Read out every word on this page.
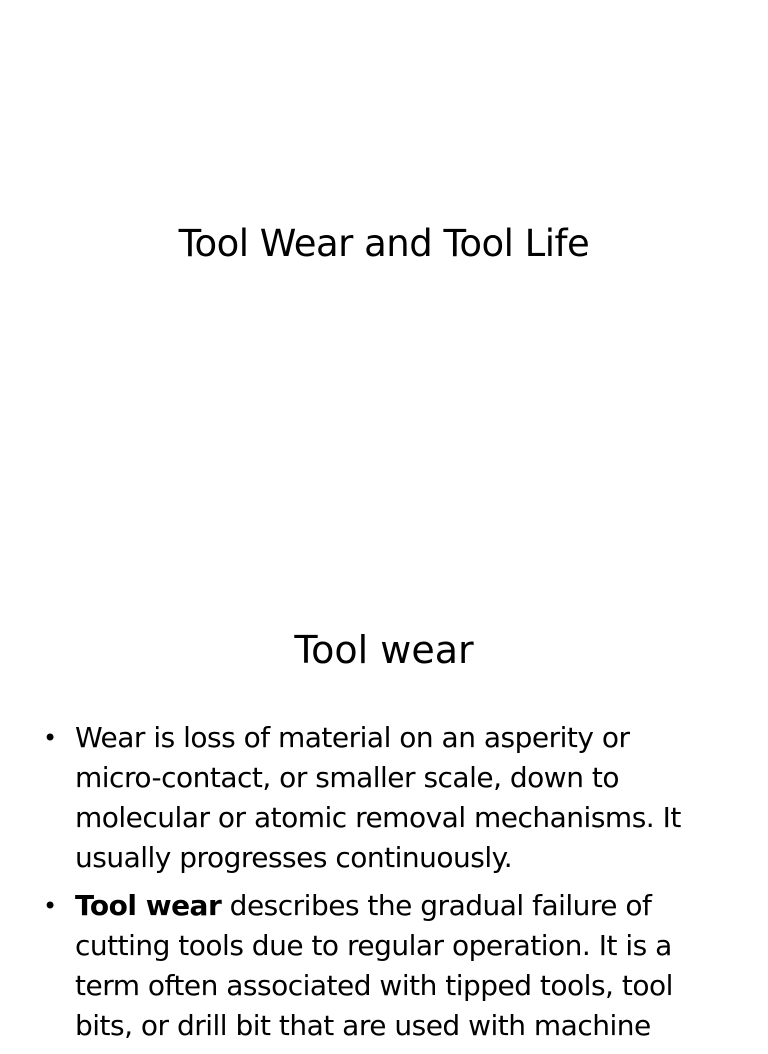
Tool Wear and Tool Life
Tool wear
• Wear is loss of material on an asperity or micro-contact, or smaller scale, down to molecular or atomic removal mechanisms. It usually progresses continuously.
• Tool wear describes the gradual failure of cutting tools due to regular operation. It is a term often associated with tipped tools, tool bits, or drill bit that are used with machine
